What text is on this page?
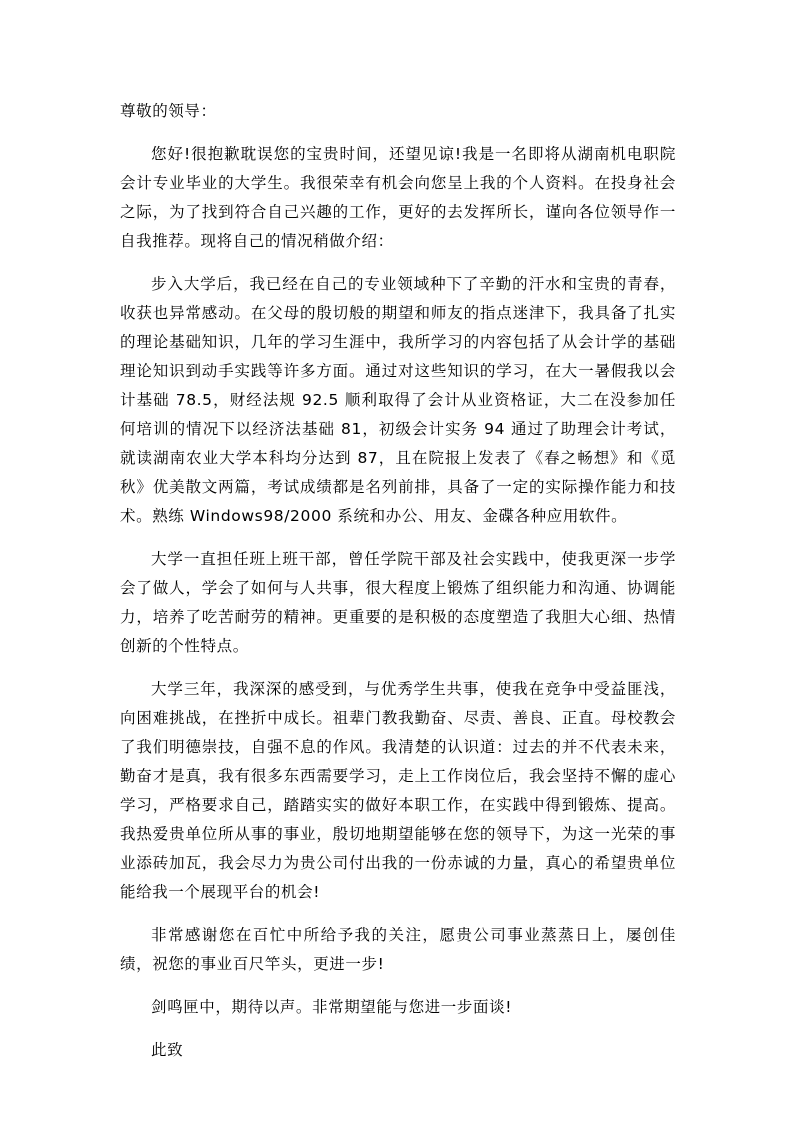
尊敬的领导：

您好!很抱歉耽误您的宝贵时间，还望见谅!我是一名即将从湖南机电职院会计专业毕业的大学生。我很荣幸有机会向您呈上我的个人资料。在投身社会之际，为了找到符合自己兴趣的工作，更好的去发挥所长，谨向各位领导作一自我推荐。现将自己的情况稍做介绍：

步入大学后，我已经在自己的专业领域种下了辛勤的汗水和宝贵的青春，收获也异常感动。在父母的殷切般的期望和师友的指点迷津下，我具备了扎实的理论基础知识，几年的学习生涯中，我所学习的内容包括了从会计学的基础理论知识到动手实践等许多方面。通过对这些知识的学习，在大一暑假我以会计基础 78.5，财经法规 92.5 顺利取得了会计从业资格证，大二在没参加任何培训的情况下以经济法基础 81，初级会计实务 94 通过了助理会计考试，就读湖南农业大学本科均分达到 87，且在院报上发表了《春之畅想》和《觅秋》优美散文两篇，考试成绩都是名列前排，具备了一定的实际操作能力和技术。熟练 Windows98/2000 系统和办公、用友、金碟各种应用软件。

大学一直担任班上班干部，曾任学院干部及社会实践中，使我更深一步学会了做人，学会了如何与人共事，很大程度上锻炼了组织能力和沟通、协调能力，培养了吃苦耐劳的精神。更重要的是积极的态度塑造了我胆大心细、热情创新的个性特点。

大学三年，我深深的感受到，与优秀学生共事，使我在竞争中受益匪浅，向困难挑战，在挫折中成长。祖辈门教我勤奋、尽责、善良、正直。母校教会了我们明德崇技，自强不息的作风。我清楚的认识道：过去的并不代表未来，勤奋才是真，我有很多东西需要学习，走上工作岗位后，我会坚持不懈的虚心学习，严格要求自己，踏踏实实的做好本职工作，在实践中得到锻炼、提高。我热爱贵单位所从事的事业，殷切地期望能够在您的领导下，为这一光荣的事业添砖加瓦，我会尽力为贵公司付出我的一份赤诚的力量，真心的希望贵单位能给我一个展现平台的机会!

非常感谢您在百忙中所给予我的关注，愿贵公司事业蒸蒸日上，屡创佳绩，祝您的事业百尺竿头，更进一步!

剑鸣匣中，期待以声。非常期望能与您进一步面谈!

此致
